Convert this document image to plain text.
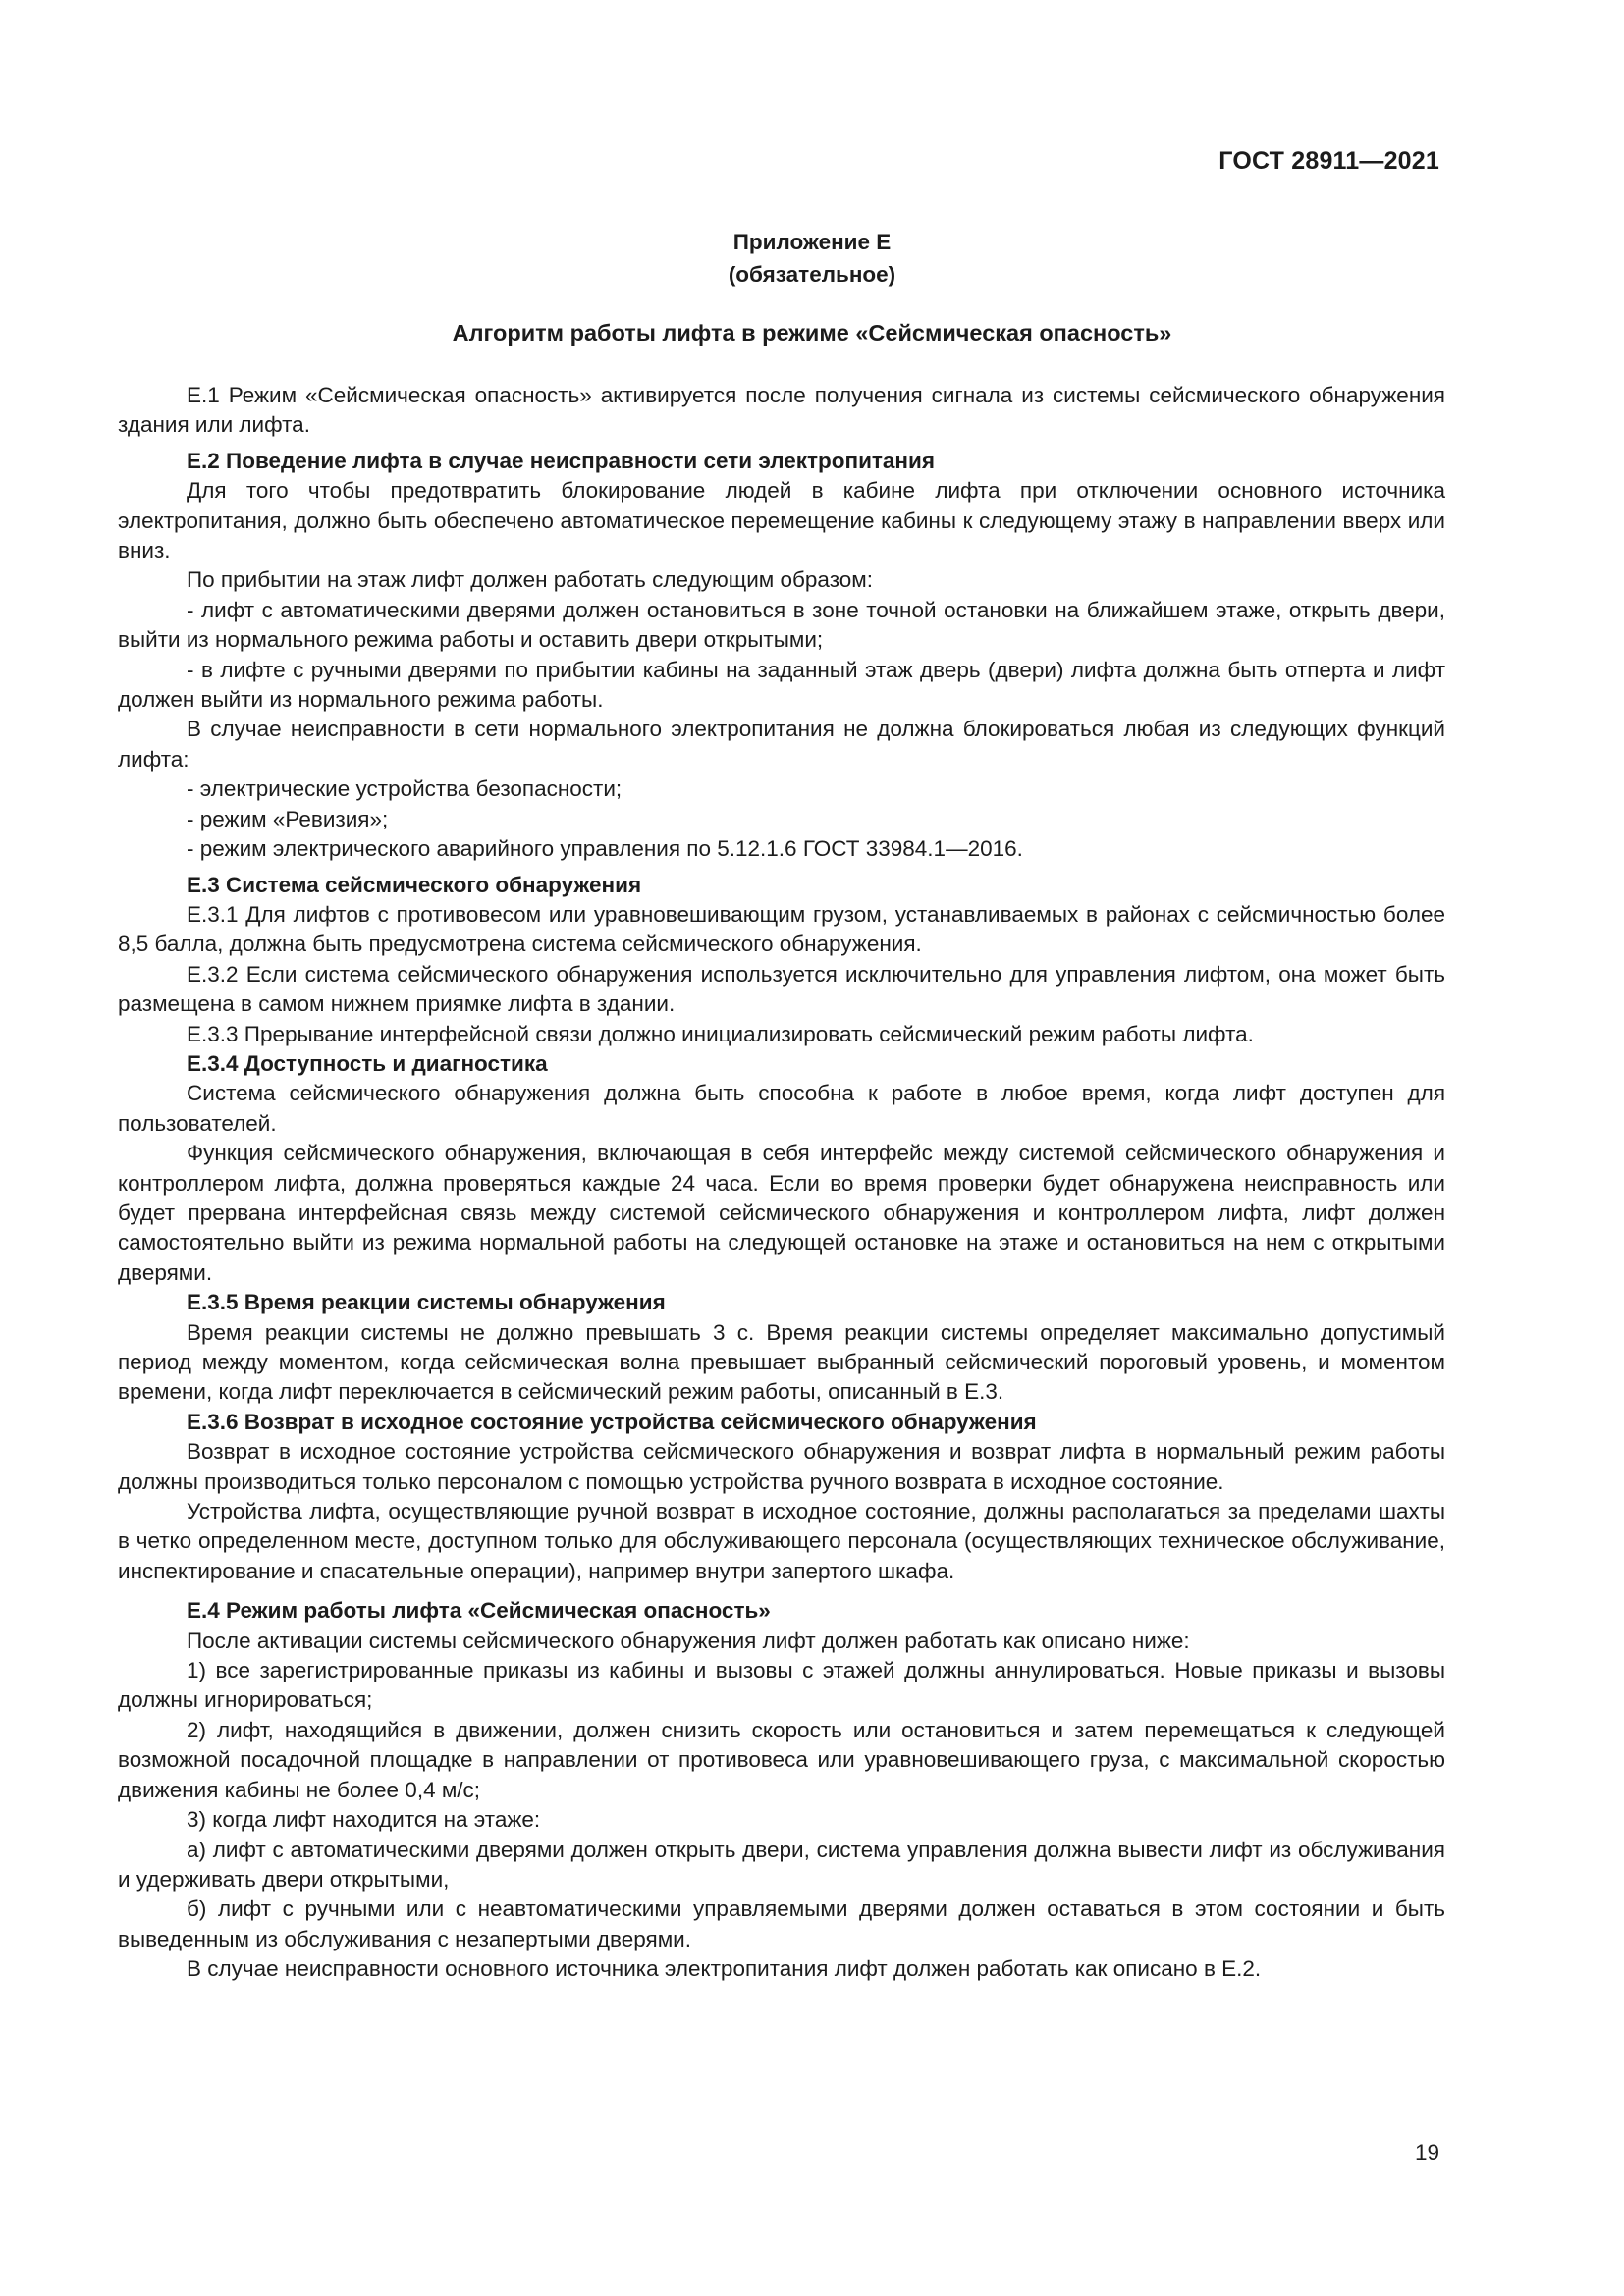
ГОСТ 28911—2021

Приложение Е

(обязательное)

Алгоритм работы лифта в режиме «Сейсмическая опасность»

Е.1 Режим «Сейсмическая опасность» активируется после получения сигнала из системы сейсмического обнаружения здания или лифта.

Е.2 Поведение лифта в случае неисправности сети электропитания

Для того чтобы предотвратить блокирование людей в кабине лифта при отключении основного источника электропитания, должно быть обеспечено автоматическое перемещение кабины к следующему этажу в направлении вверх или вниз.

По прибытии на этаж лифт должен работать следующим образом:

- лифт с автоматическими дверями должен остановиться в зоне точной остановки на ближайшем этаже, открыть двери, выйти из нормального режима работы и оставить двери открытыми;

- в лифте с ручными дверями по прибытии кабины на заданный этаж дверь (двери) лифта должна быть отперта и лифт должен выйти из нормального режима работы.

В случае неисправности в сети нормального электропитания не должна блокироваться любая из следующих функций лифта:

- электрические устройства безопасности;

- режим «Ревизия»;

- режим электрического аварийного управления по 5.12.1.6 ГОСТ 33984.1—2016.

Е.3 Система сейсмического обнаружения

Е.3.1 Для лифтов с противовесом или уравновешивающим грузом, устанавливаемых в районах с сейсмичностью более 8,5 балла, должна быть предусмотрена система сейсмического обнаружения.

Е.3.2 Если система сейсмического обнаружения используется исключительно для управления лифтом, она может быть размещена в самом нижнем приямке лифта в здании.

Е.3.3 Прерывание интерфейсной связи должно инициализировать сейсмический режим работы лифта.

Е.3.4 Доступность и диагностика

Система сейсмического обнаружения должна быть способна к работе в любое время, когда лифт доступен для пользователей.

Функция сейсмического обнаружения, включающая в себя интерфейс между системой сейсмического обнаружения и контроллером лифта, должна проверяться каждые 24 часа. Если во время проверки будет обнаружена неисправность или будет прервана интерфейсная связь между системой сейсмического обнаружения и контроллером лифта, лифт должен самостоятельно выйти из режима нормальной работы на следующей остановке на этаже и остановиться на нем с открытыми дверями.

Е.3.5 Время реакции системы обнаружения

Время реакции системы не должно превышать 3 с. Время реакции системы определяет максимально допустимый период между моментом, когда сейсмическая волна превышает выбранный сейсмический пороговый уровень, и моментом времени, когда лифт переключается в сейсмический режим работы, описанный в Е.3.

Е.3.6 Возврат в исходное состояние устройства сейсмического обнаружения

Возврат в исходное состояние устройства сейсмического обнаружения и возврат лифта в нормальный режим работы должны производиться только персоналом с помощью устройства ручного возврата в исходное состояние.

Устройства лифта, осуществляющие ручной возврат в исходное состояние, должны располагаться за пределами шахты в четко определенном месте, доступном только для обслуживающего персонала (осуществляющих техническое обслуживание, инспектирование и спасательные операции), например внутри запертого шкафа.

Е.4 Режим работы лифта «Сейсмическая опасность»

После активации системы сейсмического обнаружения лифт должен работать как описано ниже:

1) все зарегистрированные приказы из кабины и вызовы с этажей должны аннулироваться. Новые приказы и вызовы должны игнорироваться;

2) лифт, находящийся в движении, должен снизить скорость или остановиться и затем перемещаться к следующей возможной посадочной площадке в направлении от противовеса или уравновешивающего груза, с максимальной скоростью движения кабины не более 0,4 м/с;

3) когда лифт находится на этаже:

а) лифт с автоматическими дверями должен открыть двери, система управления должна вывести лифт из обслуживания и удерживать двери открытыми,

б) лифт с ручными или с неавтоматическими управляемыми дверями должен оставаться в этом состоянии и быть выведенным из обслуживания с незапертыми дверями.

В случае неисправности основного источника электропитания лифт должен работать как описано в Е.2.

19
